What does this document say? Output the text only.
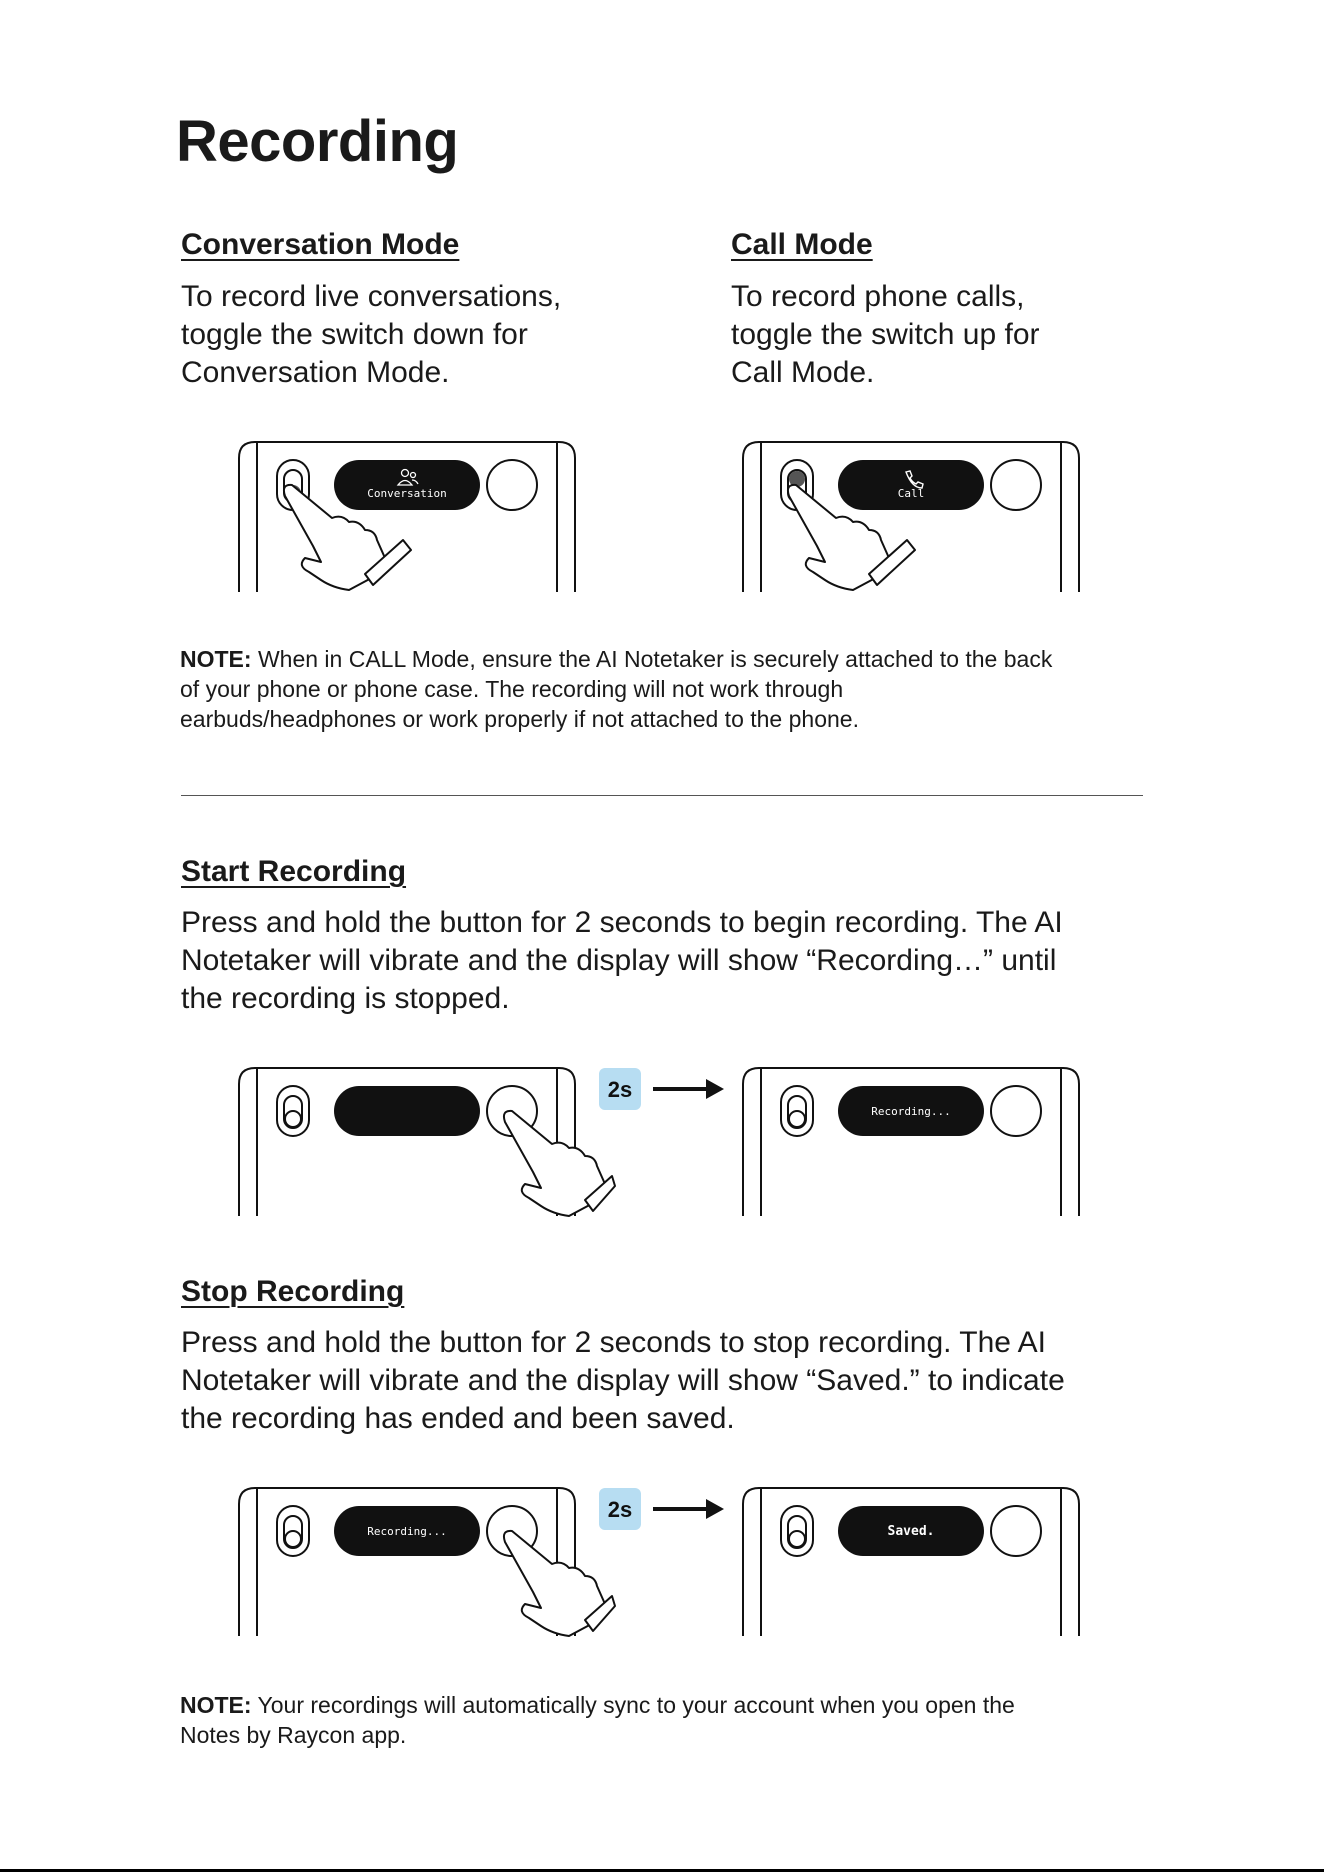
Recording

Conversation Mode

To record live conversations,
toggle the switch down for
Conversation Mode.

Call Mode

To record phone calls,
toggle the switch up for
Call Mode.

Conversation	Call

NOTE: When in CALL Mode, ensure the AI Notetaker is securely attached to the back
of your phone or phone case. The recording will not work through
earbuds/headphones or work properly if not attached to the phone.

Start Recording

Press and hold the button for 2 seconds to begin recording. The AI
Notetaker will vibrate and the display will show “Recording…” until
the recording is stopped.

2s
Recording...

Stop Recording

Press and hold the button for 2 seconds to stop recording. The AI
Notetaker will vibrate and the display will show “Saved.” to indicate
the recording has ended and been saved.

Recording...
2s
Saved.

NOTE: Your recordings will automatically sync to your account when you open the
Notes by Raycon app.
